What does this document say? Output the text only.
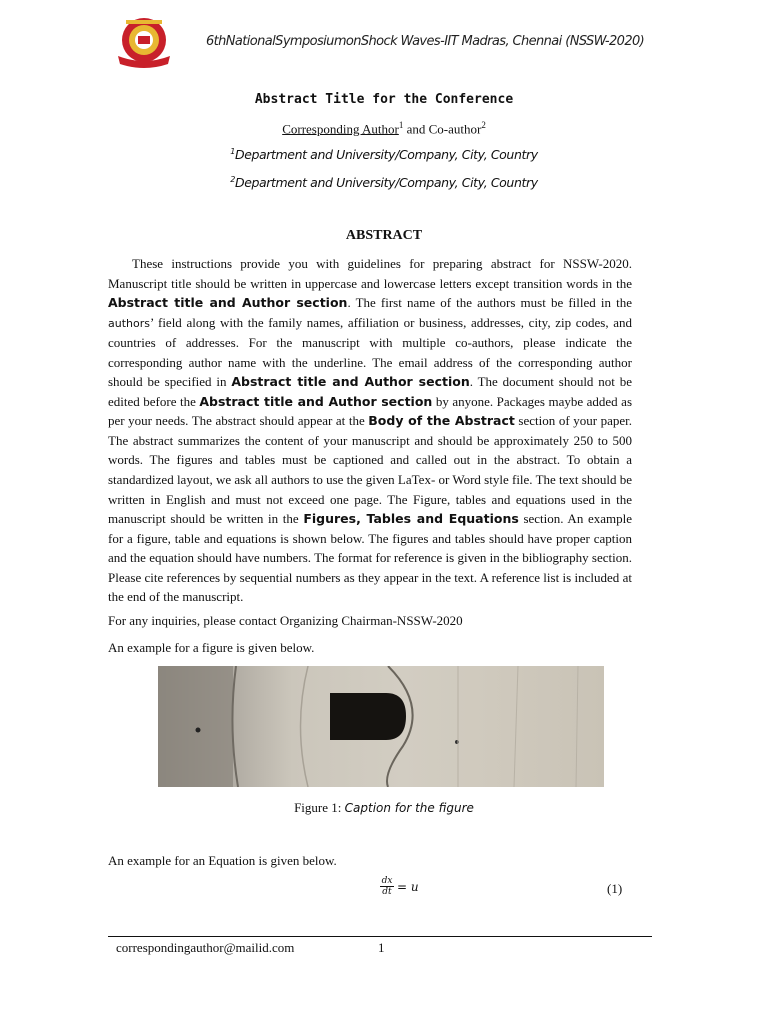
6thNationalSymposiumonShock Waves-IIT Madras, Chennai (NSSW-2020)
Abstract Title for the Conference
Corresponding Author$^1$ and Co-author$^2$
$^1$Department and University/Company, City, Country
$^2$Department and University/Company, City, Country
ABSTRACT
These instructions provide you with guidelines for preparing abstract for NSSW-2020. Manuscript title should be written in uppercase and lowercase letters except transition words in the Abstract title and Author section. The first name of the authors must be filled in the authors’ field along with the family names, affiliation or business, addresses, city, zip codes, and countries of addresses. For the manuscript with multiple co-authors, please indicate the corresponding author name with the underline. The email address of the corresponding author should be specified in Abstract title and Author section. The document should not be edited before the Abstract title and Author section by anyone. Packages maybe added as per your needs. The abstract should appear at the Body of the Abstract section of your paper. The abstract summarizes the content of your manuscript and should be approximately 250 to 500 words. The figures and tables must be captioned and called out in the abstract. To obtain a standardized layout, we ask all authors to use the given LaTex- or Word style file. The text should be written in English and must not exceed one page. The Figure, tables and equations used in the manuscript should be written in the Figures, Tables and Equations section. An example for a figure, table and equations is shown below. The figures and tables should have proper caption and the equation should have numbers. The format for reference is given in the bibliography section. Please cite references by sequential numbers as they appear in the text. A reference list is included at the end of the manuscript.
For any inquiries, please contact Organizing Chairman-NSSW-2020
An example for a figure is given below.
Figure 1: Caption for the figure
An example for an Equation is given below.
$\frac{dx}{dt} = u$	(1)
correspondingauthor@mailid.com	1
